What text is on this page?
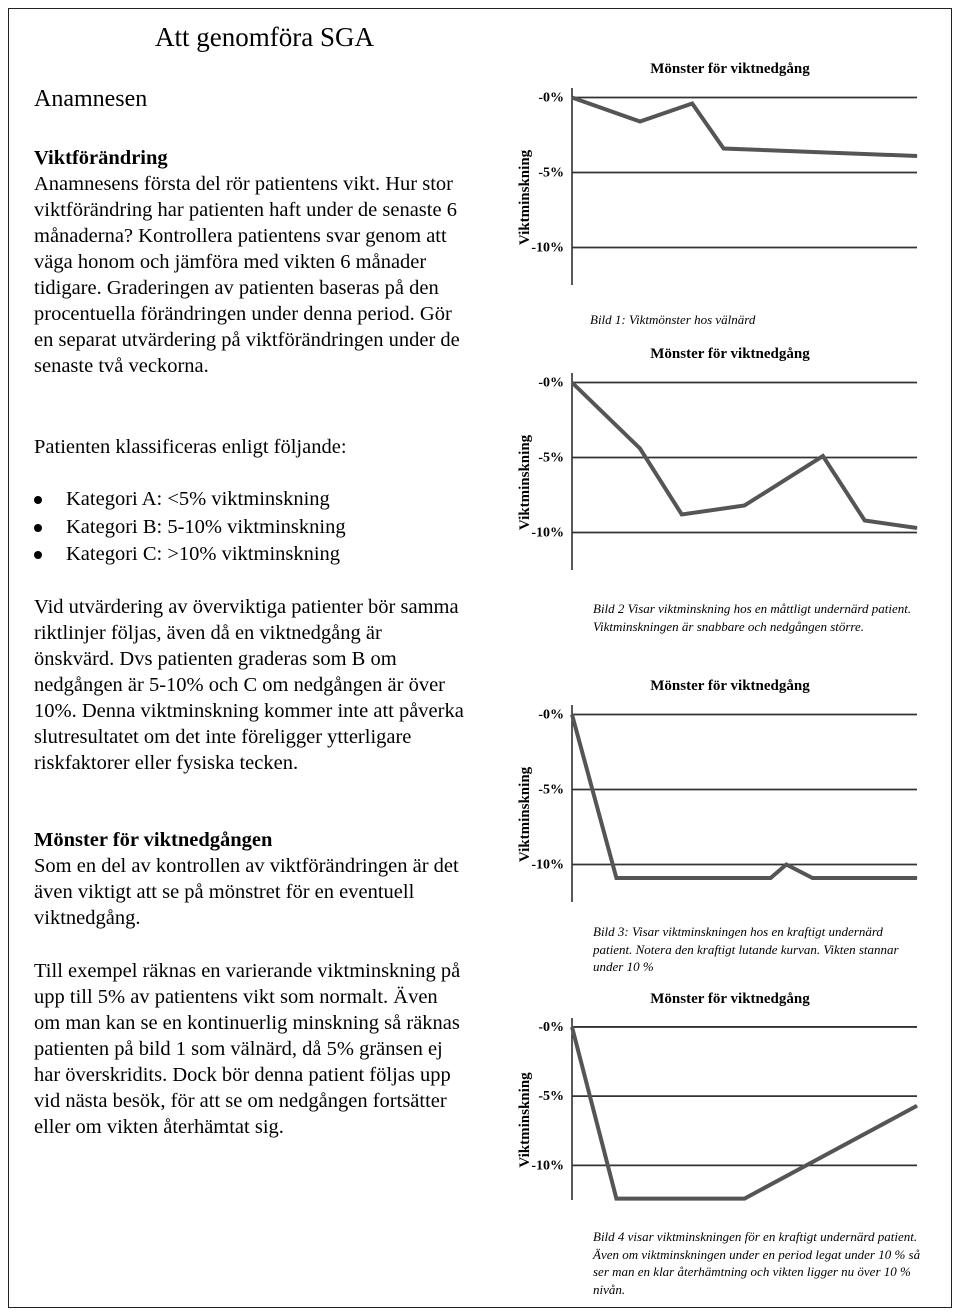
Att genomföra SGA
Anamnesen
Viktförändring

Anamnesens första del rör patientens vikt. Hur stor viktförändring har patienten haft under de senaste 6 månaderna? Kontrollera patientens svar genom att väga honom och jämföra med vikten 6 månader tidigare. Graderingen av patienten baseras på den procentuella förändringen under denna period. Gör en separat utvärdering på viktförändringen under de senaste två veckorna.

Patienten klassificeras enligt följande:
Kategori A: <5% viktminskning
Kategori B: 5-10% viktminskning
Kategori C: >10% viktminskning

Vid utvärdering av överviktiga patienter bör samma riktlinjer följas, även då en viktnedgång är önskvärd. Dvs patienten graderas som B om nedgången är 5-10% och C om nedgången är över 10%. Denna viktminskning kommer inte att påverka slutresultatet om det inte föreligger ytterligare riskfaktorer eller fysiska tecken.

Mönster för viktnedgången

Som en del av kontrollen av viktförändringen är det även viktigt att se på mönstret för en eventuell viktnedgång.

Till exempel räknas en varierande viktminskning på upp till 5% av patientens vikt som normalt. Även om man kan se en kontinuerlig minskning så räknas patienten på bild 1 som välnärd, då 5% gränsen ej har överskridits. Dock bör denna patient följas upp vid nästa besök, för att se om nedgången fortsätter eller om vikten återhämtat sig.

Mönster för viktnedgång
Viktminskning
-0%
-5%
-10%
Bild 1: Viktmönster hos välnärd
Mönster för viktnedgång
Viktminskning
-0%
-5%
-10%
Bild 2 Visar viktminskning hos en måttligt undernärd patient. Viktminskningen är snabbare och nedgången större.
Mönster för viktnedgång
Viktminskning
-0%
-5%
-10%
Bild 3: Visar viktminskningen hos en kraftigt undernärd patient. Notera den kraftigt lutande kurvan. Vikten stannar under 10 %
Mönster för viktnedgång
Viktminskning
-0%
-5%
-10%
Bild 4 visar viktminskningen för en kraftigt undernärd patient. Även om viktminskningen under en period legat under 10 % så ser man en klar återhämtning och vikten ligger nu över 10 % nivån.
